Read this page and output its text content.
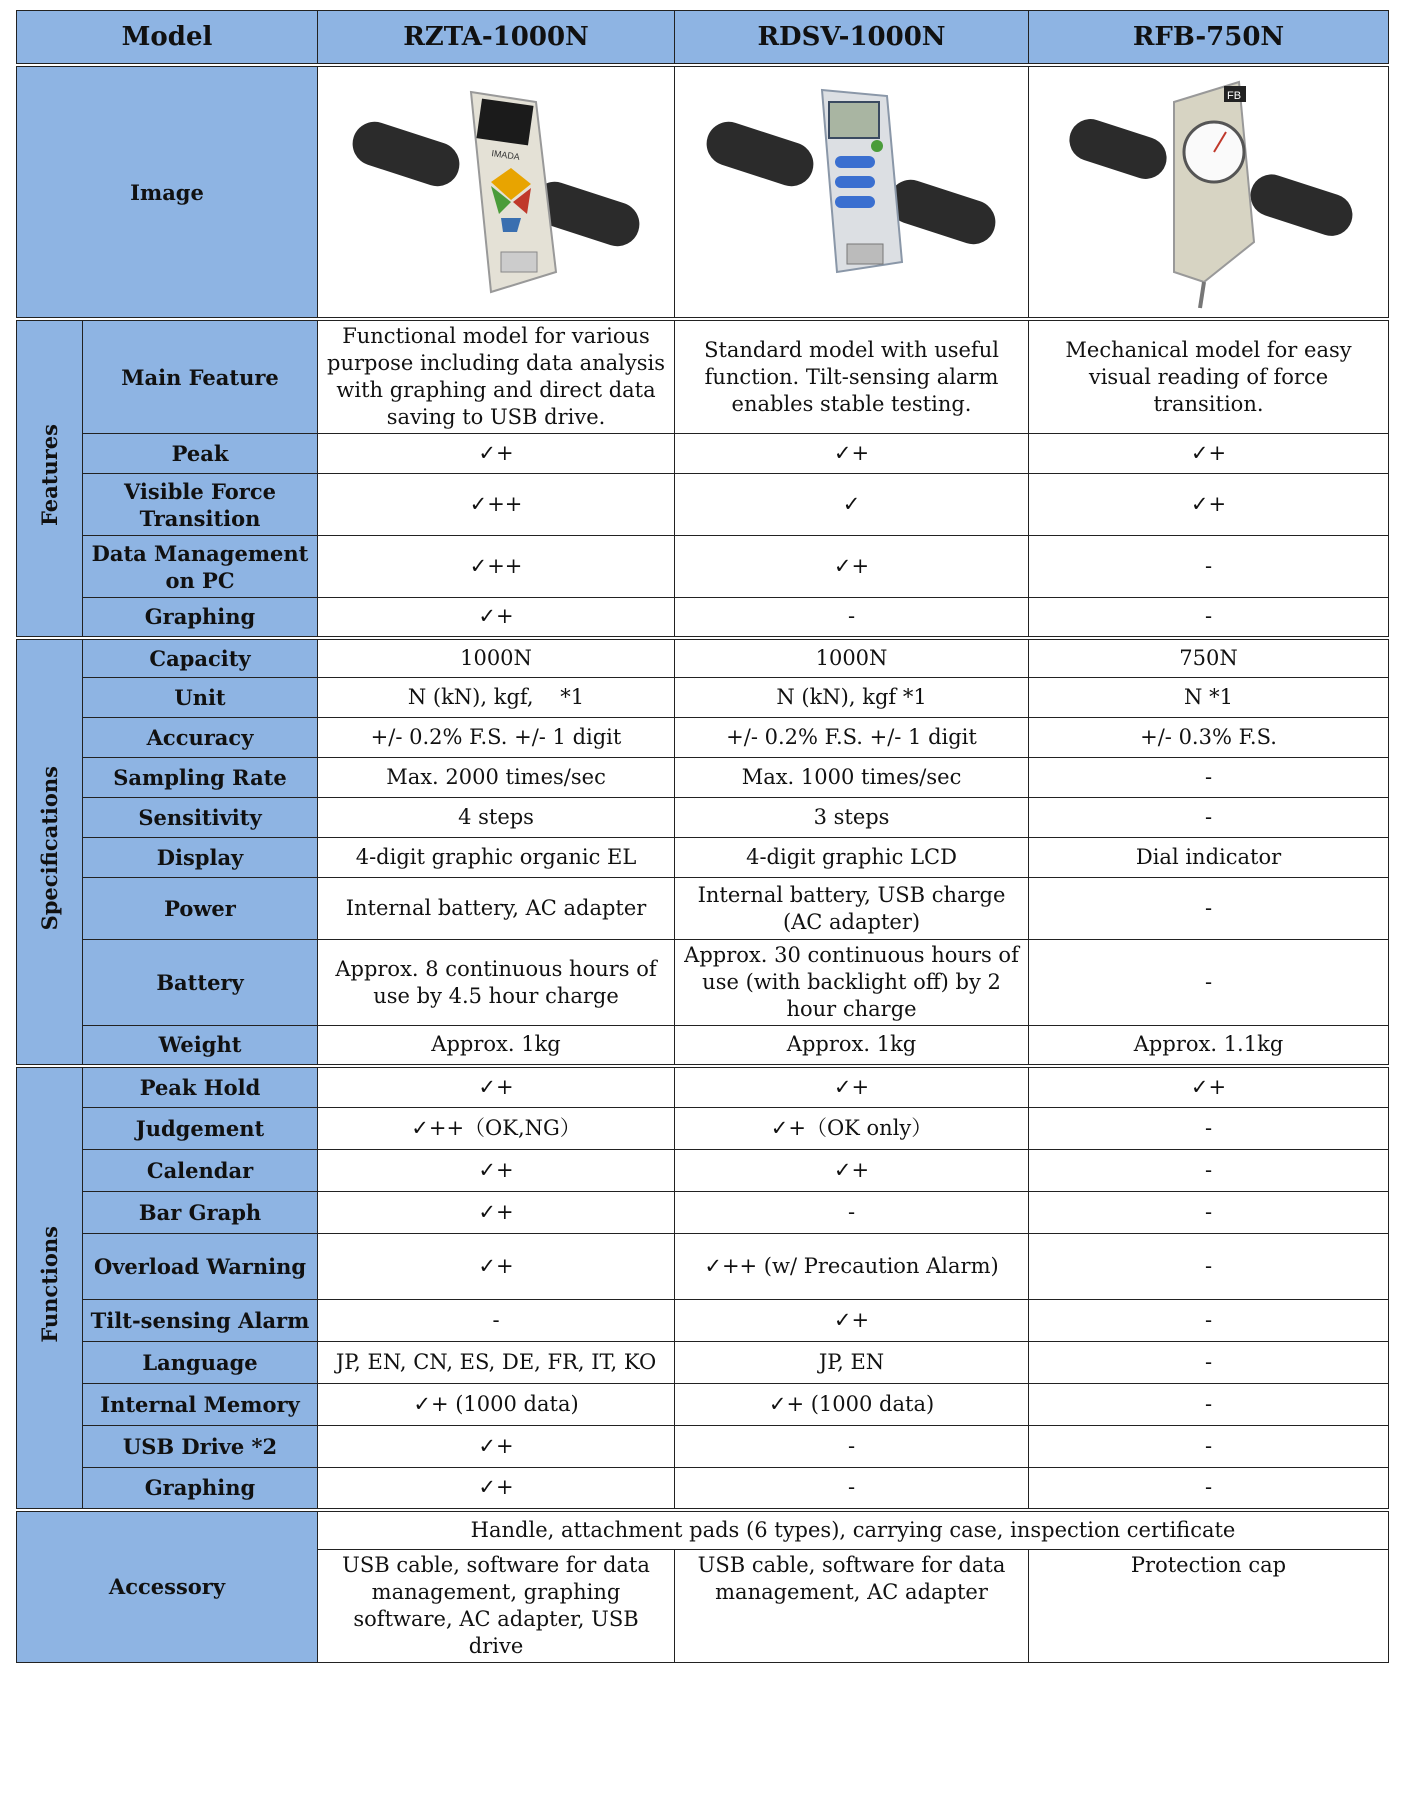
Model		RZTA-1000N	RDSV-1000N	RFB-750N
Image		IMADA		FB

Features	Main Feature	Functional model for various purpose including data analysis with graphing and direct data saving to USB drive.	Standard model with useful function. Tilt-sensing alarm enables stable testing.	Mechanical model for easy visual reading of force transition.
	Peak	✓+	✓+	✓+
	Visible Force Transition	✓++	✓	✓+
	Data Management on PC	✓++	✓+	-
	Graphing	✓+	-	-
Specifications	Capacity	1000N	1000N	750N
	Unit	N (kN), kgf,    *1	N (kN), kgf *1	N *1
	Accuracy	+/- 0.2% F.S. +/- 1 digit	+/- 0.2% F.S. +/- 1 digit	+/- 0.3% F.S.
	Sampling Rate	Max. 2000 times/sec	Max. 1000 times/sec	-
	Sensitivity	4 steps	3 steps	-
	Display	4-digit graphic organic EL	4-digit graphic LCD	Dial indicator
	Power	Internal battery, AC adapter	Internal battery, USB charge (AC adapter)	-
	Battery	Approx. 8 continuous hours of use by 4.5 hour charge	Approx. 30 continuous hours of use (with backlight off) by 2 hour charge	-
	Weight	Approx. 1kg	Approx. 1kg	Approx. 1.1kg
Functions	Peak Hold	✓+	✓+	✓+
	Judgement	✓++（OK,NG）	✓+（OK only）	-
	Calendar	✓+	✓+	-
	Bar Graph	✓+	-	-
	Overload Warning	✓+	✓++ (w/ Precaution Alarm)	-
	Tilt-sensing Alarm	-	✓+	-
	Language	JP, EN, CN, ES, DE, FR, IT, KO	JP, EN	-
	Internal Memory	✓+ (1000 data)	✓+ (1000 data)	-
	USB Drive *2	✓+	-	-
	Graphing	✓+	-	-
Accessory		Handle, attachment pads (6 types), carrying case, inspection certificate		
		USB cable, software for data management, graphing software, AC adapter, USB drive	USB cable, software for data management, AC adapter	Protection cap
